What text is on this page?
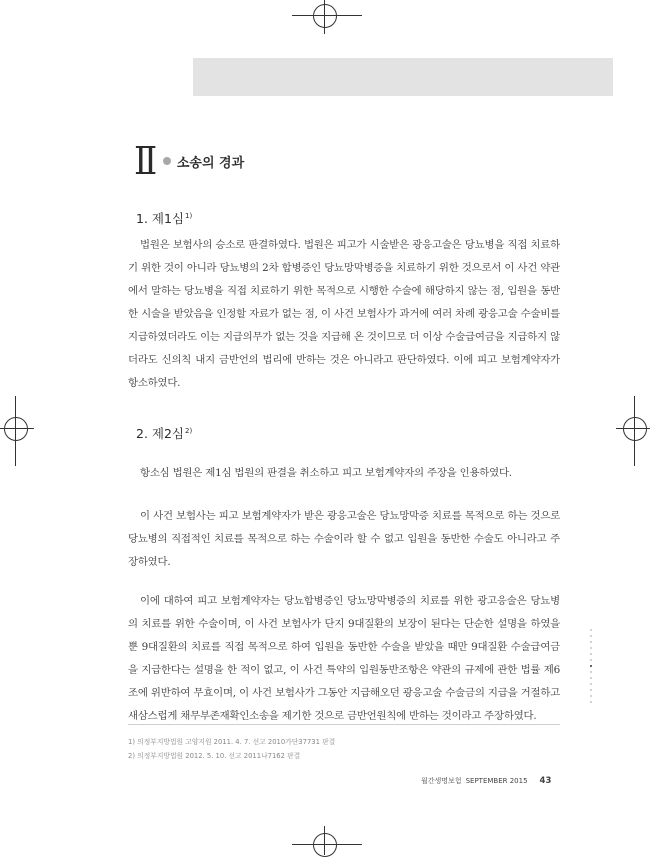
Ⅱ 소송의 경과
1. 제1심$^{1)}$

법원은 보험사의 승소로 판결하였다. 법원은 피고가 시술받은 광응고술은 당뇨병을 직접 치료하기 위한 것이 아니라 당뇨병의 2차 합병증인 당뇨망막병증을 치료하기 위한 것으로서 이 사건 약관에서 말하는 당뇨병을 직접 치료하기 위한 목적으로 시행한 수술에 해당하지 않는 점, 입원을 동반한 시술을 받았음을 인정할 자료가 없는 점, 이 사건 보험사가 과거에 여러 차례 광응고술 수술비를 지급하였더라도 이는 지급의무가 없는 것을 지급해 온 것이므로 더 이상 수술급여금을 지급하지 않더라도 신의칙 내지 금반언의 법리에 반하는 것은 아니라고 판단하였다. 이에 피고 보험계약자가 항소하였다.

2. 제2심$^{2)}$

항소심 법원은 제1심 법원의 판결을 취소하고 피고 보험계약자의 주장을 인용하였다.

이 사건 보험사는 피고 보험계약자가 받은 광응고술은 당뇨망막증 치료를 목적으로 하는 것으로 당뇨병의 직접적인 치료를 목적으로 하는 수술이라 할 수 없고 입원을 동반한 수술도 아니라고 주장하였다.

이에 대하여 피고 보험계약자는 당뇨합병증인 당뇨망막병증의 치료를 위한 광고응술은 당뇨병의 치료를 위한 수술이며, 이 사건 보험사가 단지 9대질환의 보장이 된다는 단순한 설명을 하였을 뿐 9대질환의 치료를 직접 목적으로 하여 입원을 동반한 수술을 받았을 때만 9대질환 수술급여금을 지급한다는 설명을 한 적이 없고, 이 사건 특약의 입원동반조항은 약관의 규제에 관한 법률 제6조에 위반하여 무효이며, 이 사건 보험사가 그동안 지급해오던 광응고술 수술금의 지급을 거절하고 새삼스럽게 채무부존재확인소송을 제기한 것으로 금반언원칙에 반하는 것이라고 주장하였다.

1) 의정부지방법원 고양지원 2011. 4. 7. 선고 2010가단37731 판결
2) 의정부지방법원 2012. 5. 10. 선고 2011나7162 판결
월간생명보험 SEPTEMBER 2015 43
